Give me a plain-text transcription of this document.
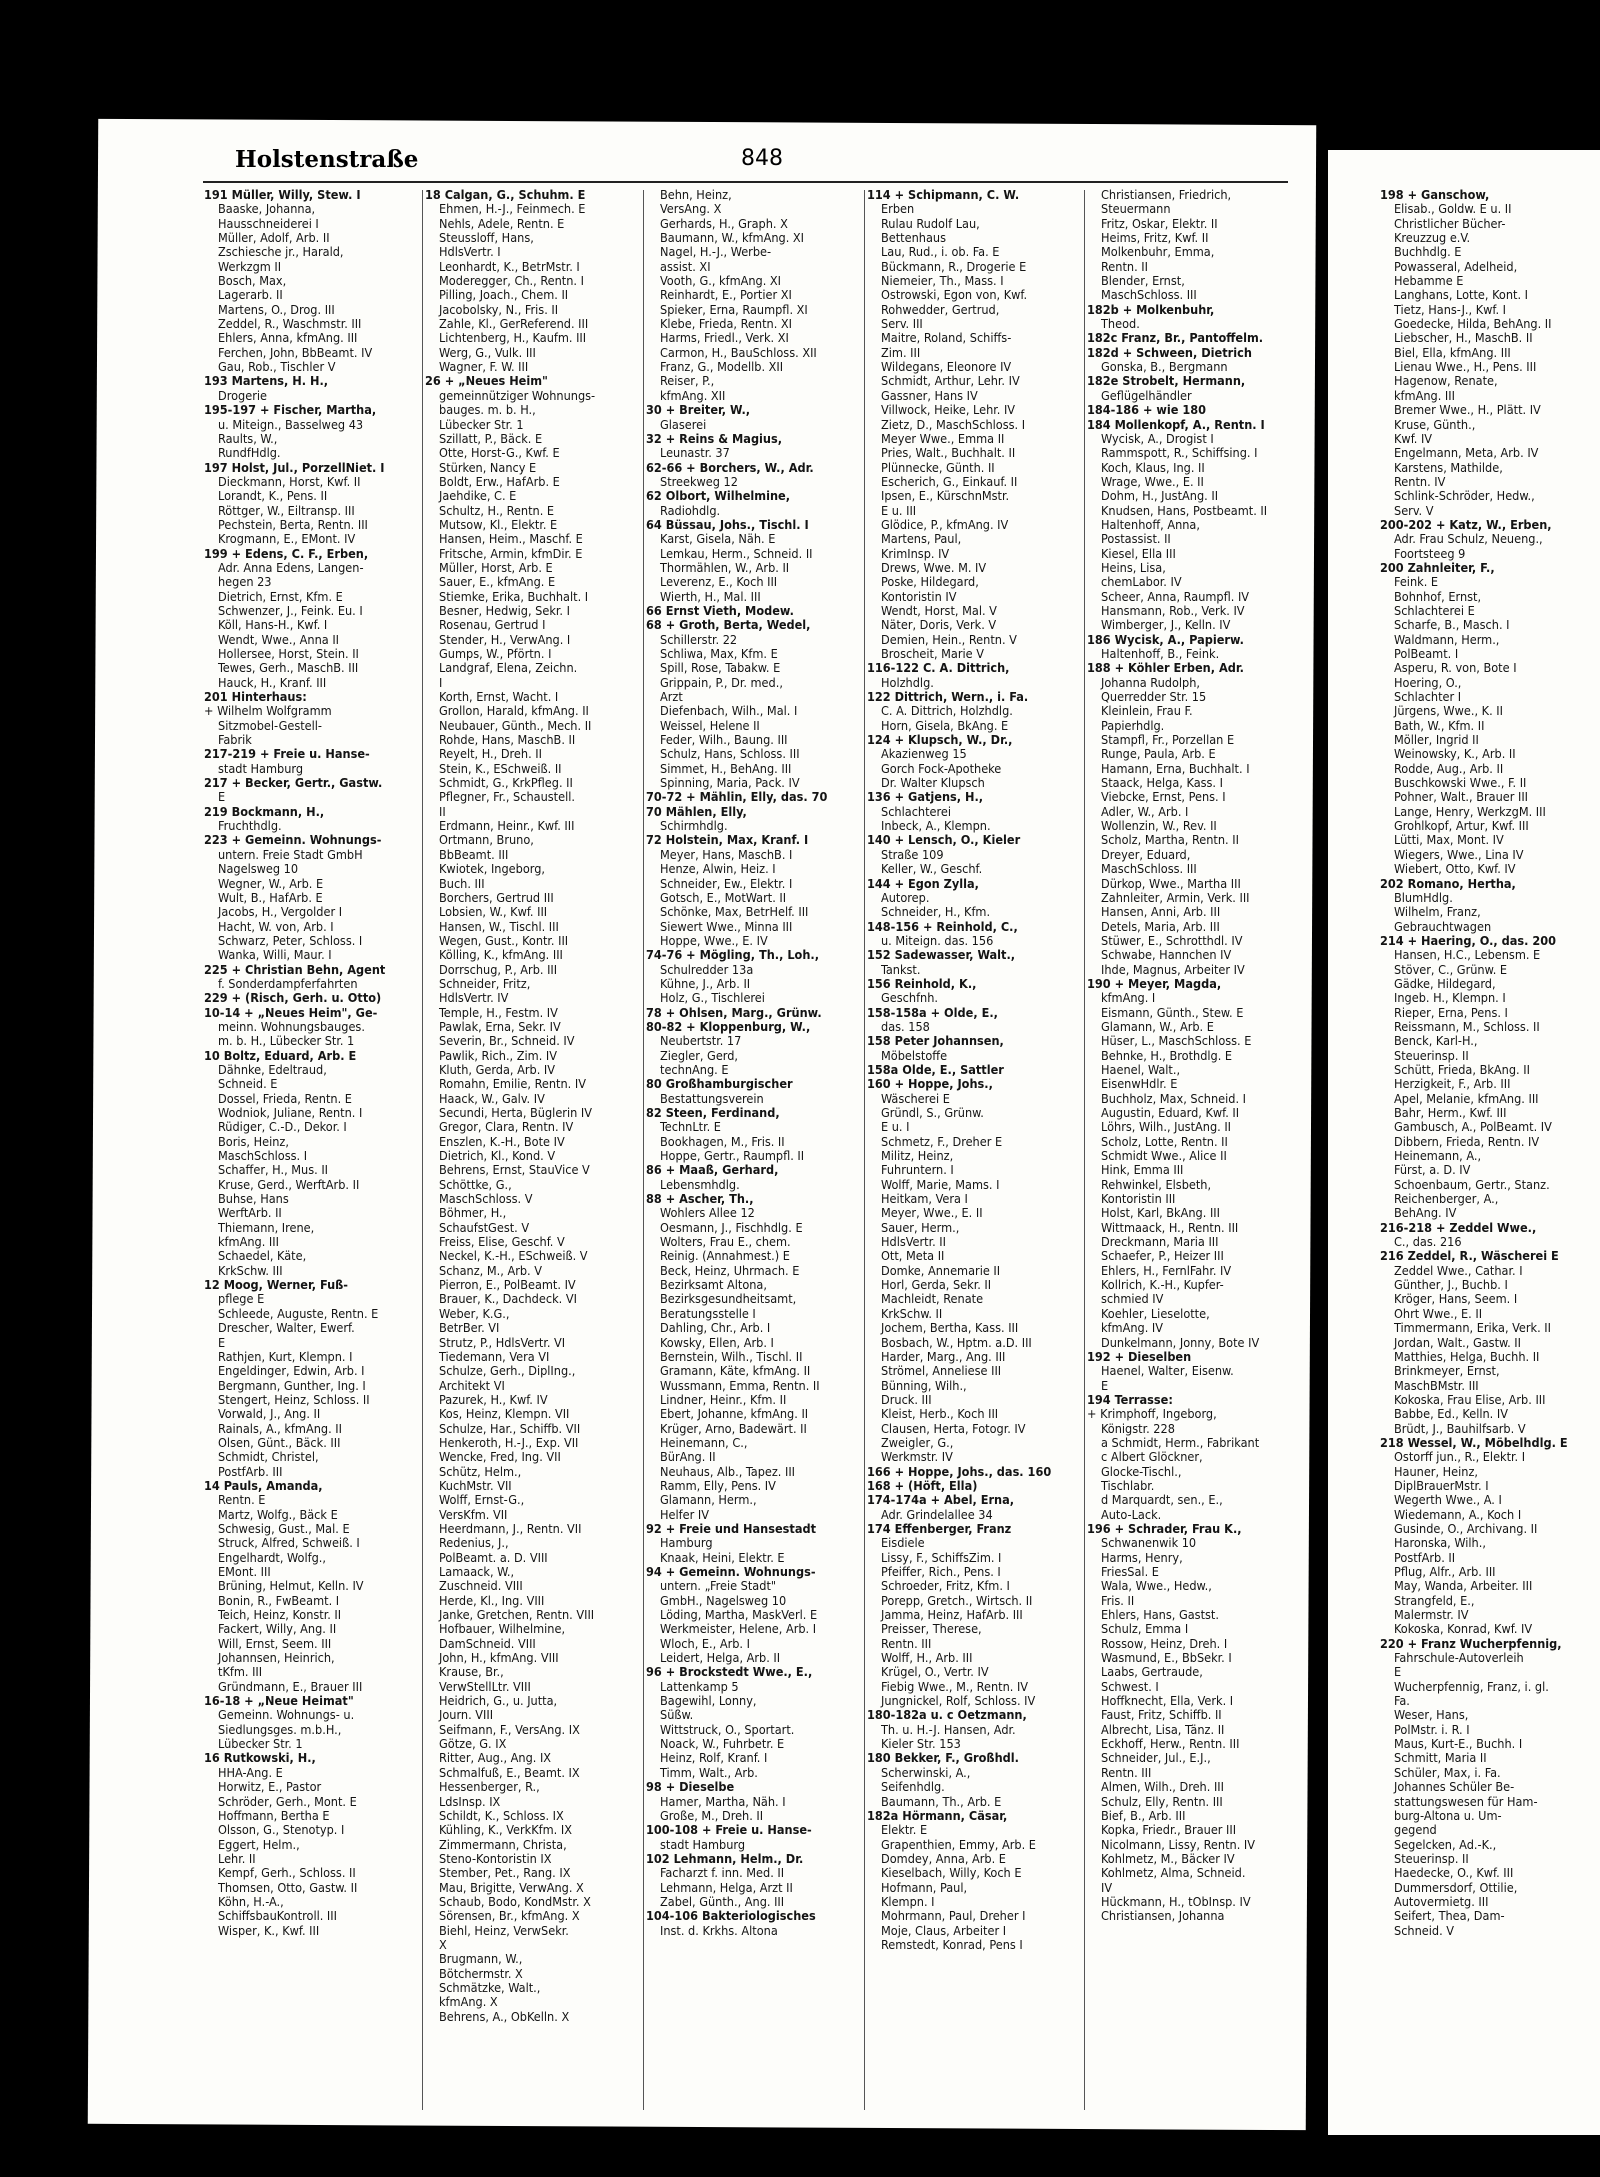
Holstenstraße	848
191 Müller, Willy, Stew. I
Baaske, Johanna,
Hausschneiderei I
Müller, Adolf, Arb. II
Zschiesche jr., Harald,
Werkzgm II
Bosch, Max,
Lagerarb. II
Martens, O., Drog. III
Zeddel, R., Waschmstr. III
Ehlers, Anna, kfmAng. III
Ferchen, John, BbBeamt. IV
Gau, Rob., Tischler V
193 Martens, H. H.,
Drogerie
195-197 + Fischer, Martha,
u. Miteign., Basselweg 43
Raults, W.,
RundfHdlg.
197 Holst, Jul., PorzellNiet. I
Dieckmann, Horst, Kwf. II
Lorandt, K., Pens. II
Röttger, W., Eiltransp. III
Pechstein, Berta, Rentn. III
Krogmann, E., EMont. IV
199 + Edens, C. F., Erben,
Adr. Anna Edens, Langen-
hegen 23
Dietrich, Ernst, Kfm. E
Schwenzer, J., Feink. Eu. I
Köll, Hans-H., Kwf. I
Wendt, Wwe., Anna II
Hollersee, Horst, Stein. II
Tewes, Gerh., MaschB. III
Hauck, H., Kranf. III
201 Hinterhaus:
+ Wilhelm Wolfgramm
Sitzmobel-Gestell-
Fabrik
217-219 + Freie u. Hanse-
stadt Hamburg
217 + Becker, Gertr., Gastw.
E
219 Bockmann, H.,
Fruchthdlg.
223 + Gemeinn. Wohnungs-
untern. Freie Stadt GmbH
Nagelsweg 10
Wegner, W., Arb. E
Wult, B., HafArb. E
Jacobs, H., Vergolder I
Hacht, W. von, Arb. I
Schwarz, Peter, Schloss. I
Wanka, Willi, Maur. I
225 + Christian Behn, Agent
f. Sonderdampferfahrten
229 + (Risch, Gerh. u. Otto)
10-14 + „Neues Heim", Ge-
meinn. Wohnungsbauges.
m. b. H., Lübecker Str. 1
10 Boltz, Eduard, Arb. E
Dähnke, Edeltraud,
Schneid. E
Dossel, Frieda, Rentn. E
Wodniok, Juliane, Rentn. I
Rüdiger, C.-D., Dekor. I
Boris, Heinz,
MaschSchloss. I
Schaffer, H., Mus. II
Kruse, Gerd., WerftArb. II
Buhse, Hans
WerftArb. II
Thiemann, Irene,
kfmAng. III
Schaedel, Käte,
KrkSchw. III
12 Moog, Werner, Fuß-
pflege E
Schleede, Auguste, Rentn. E
Drescher, Walter, Ewerf.
E
Rathjen, Kurt, Klempn. I
Engeldinger, Edwin, Arb. I
Bergmann, Gunther, Ing. I
Stengert, Heinz, Schloss. II
Vorwald, J., Ang. II
Rainals, A., kfmAng. II
Olsen, Günt., Bäck. III
Schmidt, Christel,
PostfArb. III
14 Pauls, Amanda,
Rentn. E
Martz, Wolfg., Bäck E
Schwesig, Gust., Mal. E
Struck, Alfred, Schweiß. I
Engelhardt, Wolfg.,
EMont. III
Brüning, Helmut, Kelln. IV
Bonin, R., FwBeamt. I
Teich, Heinz, Konstr. II
Fackert, Willy, Ang. II
Will, Ernst, Seem. III
Johannsen, Heinrich,
tKfm. III
Gründmann, E., Brauer III
16-18 + „Neue Heimat"
Gemeinn. Wohnungs- u.
Siedlungsges. m.b.H.,
Lübecker Str. 1
16 Rutkowski, H.,
HHA-Ang. E
Horwitz, E., Pastor
Schröder, Gerh., Mont. E
Hoffmann, Bertha E
Olsson, G., Stenotyp. I
Eggert, Helm.,
Lehr. II
Kempf, Gerh., Schloss. II
Thomsen, Otto, Gastw. II
Köhn, H.-A.,
SchiffsbauKontroll. III
Wisper, K., Kwf. III
18 Calgan, G., Schuhm. E
Ehmen, H.-J., Feinmech. E
Nehls, Adele, Rentn. E
Steussloff, Hans,
HdlsVertr. I
Leonhardt, K., BetrMstr. I
Moderegger, Ch., Rentn. I
Pilling, Joach., Chem. II
Jacobolsky, N., Fris. II
Zahle, Kl., GerReferend. III
Lichtenberg, H., Kaufm. III
Werg, G., Vulk. III
Wagner, F. W. III
26 + „Neues Heim"
gemeinnütziger Wohnungs-
bauges. m. b. H.,
Lübecker Str. 1
Szillatt, P., Bäck. E
Otte, Horst-G., Kwf. E
Stürken, Nancy E
Boldt, Erw., HafArb. E
Jaehdike, C. E
Schultz, H., Rentn. E
Mutsow, Kl., Elektr. E
Hansen, Heim., Maschf. E
Fritsche, Armin, kfmDir. E
Müller, Horst, Arb. E
Sauer, E., kfmAng. E
Stiemke, Erika, Buchhalt. I
Besner, Hedwig, Sekr. I
Rosenau, Gertrud I
Stender, H., VerwAng. I
Gumps, W., Pförtn. I
Landgraf, Elena, Zeichn.
I
Korth, Ernst, Wacht. I
Grollon, Harald, kfmAng. II
Neubauer, Günth., Mech. II
Rohde, Hans, MaschB. II
Reyelt, H., Dreh. II
Stein, K., ESchweiß. II
Schmidt, G., KrkPfleg. II
Pflegner, Fr., Schaustell.
II
Erdmann, Heinr., Kwf. III
Ortmann, Bruno,
BbBeamt. III
Kwiotek, Ingeborg,
Buch. III
Borchers, Gertrud III
Lobsien, W., Kwf. III
Hansen, W., Tischl. III
Wegen, Gust., Kontr. III
Kölling, K., kfmAng. III
Dorrschug, P., Arb. III
Schneider, Fritz,
HdlsVertr. IV
Temple, H., Festm. IV
Pawlak, Erna, Sekr. IV
Severin, Br., Schneid. IV
Pawlik, Rich., Zim. IV
Kluth, Gerda, Arb. IV
Romahn, Emilie, Rentn. IV
Haack, W., Galv. IV
Secundi, Herta, Büglerin IV
Gregor, Clara, Rentn. IV
Enszlen, K.-H., Bote IV
Dietrich, Kl., Kond. V
Behrens, Ernst, StauVice V
Schöttke, G.,
MaschSchloss. V
Böhmer, H.,
SchaufstGest. V
Freiss, Elise, Geschf. V
Neckel, K.-H., ESchweiß. V
Schanz, M., Arb. V
Pierron, E., PolBeamt. IV
Brauer, K., Dachdeck. VI
Weber, K.G.,
BetrBer. VI
Strutz, P., HdlsVertr. VI
Tiedemann, Vera VI
Schulze, Gerh., DiplIng.,
Architekt VI
Pazurek, H., Kwf. IV
Kos, Heinz, Klempn. VII
Schulze, Har., Schiffb. VII
Henkeroth, H.-J., Exp. VII
Wencke, Fred, Ing. VII
Schütz, Helm.,
KuchMstr. VII
Wolff, Ernst-G.,
VersKfm. VII
Heerdmann, J., Rentn. VII
Redenius, J.,
PolBeamt. a. D. VIII
Lamaack, W.,
Zuschneid. VIII
Herde, Kl., Ing. VIII
Janke, Gretchen, Rentn. VIII
Hofbauer, Wilhelmine,
DamSchneid. VIII
John, H., kfmAng. VIII
Krause, Br.,
VerwStellLtr. VIII
Heidrich, G., u. Jutta,
Journ. VIII
Seifmann, F., VersAng. IX
Götze, G. IX
Ritter, Aug., Ang. IX
Schmalfuß, E., Beamt. IX
Hessenberger, R.,
LdsInsp. IX
Schildt, K., Schloss. IX
Kühling, K., VerkKfm. IX
Zimmermann, Christa,
Steno-Kontoristin IX
Stember, Pet., Rang. IX
Mau, Brigitte, VerwAng. X
Schaub, Bodo, KondMstr. X
Sörensen, Br., kfmAng. X
Biehl, Heinz, VerwSekr.
X
Brugmann, W.,
Bötchermstr. X
Schmätzke, Walt.,
kfmAng. X
Behrens, A., ObKelln. X
Behn, Heinz,
VersAng. X
Gerhards, H., Graph. X
Baumann, W., kfmAng. XI
Nagel, H.-J., Werbe-
assist. XI
Vooth, G., kfmAng. XI
Reinhardt, E., Portier XI
Spieker, Erna, Raumpfl. XI
Klebe, Frieda, Rentn. XI
Harms, Friedl., Verk. XI
Carmon, H., BauSchloss. XII
Franz, G., Modellb. XII
Reiser, P.,
kfmAng. XII
30 + Breiter, W.,
Glaserei
32 + Reins & Magius,
Leunastr. 37
62-66 + Borchers, W., Adr.
Streekweg 12
62 Olbort, Wilhelmine,
Radiohdlg.
64 Büssau, Johs., Tischl. I
Karst, Gisela, Näh. E
Lemkau, Herm., Schneid. II
Thormählen, W., Arb. II
Leverenz, E., Koch III
Wierth, H., Mal. III
66 Ernst Vieth, Modew.
68 + Groth, Berta, Wedel,
Schillerstr. 22
Schliwa, Max, Kfm. E
Spill, Rose, Tabakw. E
Grippain, P., Dr. med.,
Arzt
Diefenbach, Wilh., Mal. I
Weissel, Helene II
Feder, Wilh., Baung. III
Schulz, Hans, Schloss. III
Simmet, H., BehAng. III
Spinning, Maria, Pack. IV
70-72 + Mählin, Elly, das. 70
70 Mählen, Elly,
Schirmhdlg.
72 Holstein, Max, Kranf. I
Meyer, Hans, MaschB. I
Henze, Alwin, Heiz. I
Schneider, Ew., Elektr. I
Gotsch, E., MotWart. II
Schönke, Max, BetrHelf. III
Siewert Wwe., Minna III
Hoppe, Wwe., E. IV
74-76 + Mögling, Th., Loh.,
Schulredder 13a
Kühne, J., Arb. II
Holz, G., Tischlerei
78 + Ohlsen, Marg., Grünw.
80-82 + Kloppenburg, W.,
Neubertstr. 17
Ziegler, Gerd,
technAng. E
80 Großhamburgischer
Bestattungsverein
82 Steen, Ferdinand,
TechnLtr. E
Bookhagen, M., Fris. II
Hoppe, Gertr., Raumpfl. II
86 + Maaß, Gerhard,
Lebensmhdlg.
88 + Ascher, Th.,
Wohlers Allee 12
Oesmann, J., Fischhdlg. E
Wolters, Frau E., chem.
Reinig. (Annahmest.) E
Beck, Heinz, Uhrmach. E
Bezirksamt Altona,
Bezirksgesundheitsamt,
Beratungsstelle I
Dahling, Chr., Arb. I
Kowsky, Ellen, Arb. I
Bernstein, Wilh., Tischl. II
Gramann, Käte, kfmAng. II
Wussmann, Emma, Rentn. II
Lindner, Heinr., Kfm. II
Ebert, Johanne, kfmAng. II
Krüger, Arno, Badewärt. II
Heinemann, C.,
BürAng. II
Neuhaus, Alb., Tapez. III
Ramm, Elly, Pens. IV
Glamann, Herm.,
Helfer IV
92 + Freie und Hansestadt
Hamburg
Knaak, Heini, Elektr. E
94 + Gemeinn. Wohnungs-
untern. „Freie Stadt"
GmbH., Nagelsweg 10
Löding, Martha, MaskVerl. E
Werkmeister, Helene, Arb. I
Wloch, E., Arb. I
Leidert, Helga, Arb. II
96 + Brockstedt Wwe., E.,
Lattenkamp 5
Bagewihl, Lonny,
Süßw.
Wittstruck, O., Sportart.
Noack, W., Fuhrbetr. E
Heinz, Rolf, Kranf. I
Timm, Walt., Arb.
98 + Dieselbe
Hamer, Martha, Näh. I
Große, M., Dreh. II
100-108 + Freie u. Hanse-
stadt Hamburg
102 Lehmann, Helm., Dr.
Facharzt f. inn. Med. II
Lehmann, Helga, Arzt II
Zabel, Günth., Ang. III
104-106 Bakteriologisches
Inst. d. Krkhs. Altona
114 + Schipmann, C. W.
Erben
Rulau Rudolf Lau,
Bettenhaus
Lau, Rud., i. ob. Fa. E
Bückmann, R., Drogerie E
Niemeier, Th., Mass. I
Ostrowski, Egon von, Kwf.
Rohwedder, Gertrud,
Serv. III
Maitre, Roland, Schiffs-
Zim. III
Wildegans, Eleonore IV
Schmidt, Arthur, Lehr. IV
Gassner, Hans IV
Villwock, Heike, Lehr. IV
Zietz, D., MaschSchloss. I
Meyer Wwe., Emma II
Pries, Walt., Buchhalt. II
Plünnecke, Günth. II
Escherich, G., Einkauf. II
Ipsen, E., KürschnMstr.
E u. III
Glödice, P., kfmAng. IV
Martens, Paul,
KrimInsp. IV
Drews, Wwe. M. IV
Poske, Hildegard,
Kontoristin IV
Wendt, Horst, Mal. V
Näter, Doris, Verk. V
Demien, Hein., Rentn. V
Broscheit, Marie V
116-122 C. A. Dittrich,
Holzhdlg.
122 Dittrich, Wern., i. Fa.
C. A. Dittrich, Holzhdlg.
Horn, Gisela, BkAng. E
124 + Klupsch, W., Dr.,
Akazienweg 15
Gorch Fock-Apotheke
Dr. Walter Klupsch
136 + Gatjens, H.,
Schlachterei
Inbeck, A., Klempn.
140 + Lensch, O., Kieler
Straße 109
Keller, W., Geschf.
144 + Egon Zylla,
Autorep.
Schneider, H., Kfm.
148-156 + Reinhold, C.,
u. Miteign. das. 156
152 Sadewasser, Walt.,
Tankst.
156 Reinhold, K.,
Geschfnh.
158-158a + Olde, E.,
das. 158
158 Peter Johannsen,
Möbelstoffe
158a Olde, E., Sattler
160 + Hoppe, Johs.,
Wäscherei E
Gründl, S., Grünw.
E u. I
Schmetz, F., Dreher E
Militz, Heinz,
Fuhruntern. I
Wolff, Marie, Mams. I
Heitkam, Vera I
Meyer, Wwe., E. II
Sauer, Herm.,
HdlsVertr. II
Ott, Meta II
Domke, Annemarie II
Horl, Gerda, Sekr. II
Machleidt, Renate
KrkSchw. II
Jochem, Bertha, Kass. III
Bosbach, W., Hptm. a.D. III
Harder, Marg., Ang. III
Strömel, Anneliese III
Bünning, Wilh.,
Druck. III
Kleist, Herb., Koch III
Clausen, Herta, Fotogr. IV
Zweigler, G.,
Werkmstr. IV
166 + Hoppe, Johs., das. 160
168 + (Höft, Ella)
174-174a + Abel, Erna,
Adr. Grindelallee 34
174 Effenberger, Franz
Eisdiele
Lissy, F., SchiffsZim. I
Pfeiffer, Rich., Pens. I
Schroeder, Fritz, Kfm. I
Porepp, Gretch., Wirtsch. II
Jamma, Heinz, HafArb. III
Preisser, Therese,
Rentn. III
Wolff, H., Arb. III
Krügel, O., Vertr. IV
Fiebig Wwe., M., Rentn. IV
Jungnickel, Rolf, Schloss. IV
180-182a u. c Oetzmann,
Th. u. H.-J. Hansen, Adr.
Kieler Str. 153
180 Bekker, F., Großhdl.
Scherwinski, A.,
Seifenhdlg.
Baumann, Th., Arb. E
182a Hörmann, Cäsar,
Elektr. E
Grapenthien, Emmy, Arb. E
Domdey, Anna, Arb. E
Kieselbach, Willy, Koch E
Hofmann, Paul,
Klempn. I
Mohrmann, Paul, Dreher I
Moje, Claus, Arbeiter I
Remstedt, Konrad, Pens I
Christiansen, Friedrich,
Steuermann
Fritz, Oskar, Elektr. II
Heims, Fritz, Kwf. II
Molkenbuhr, Emma,
Rentn. II
Blender, Ernst,
MaschSchloss. III
182b + Molkenbuhr,
Theod.
182c Franz, Br., Pantoffelm.
182d + Schween, Dietrich
Gonska, B., Bergmann
182e Strobelt, Hermann,
Geflügelhändler
184-186 + wie 180
184 Mollenkopf, A., Rentn. I
Wycisk, A., Drogist I
Rammspott, R., Schiffsing. I
Koch, Klaus, Ing. II
Wrage, Wwe., E. II
Dohm, H., JustAng. II
Knudsen, Hans, Postbeamt. II
Haltenhoff, Anna,
Postassist. II
Kiesel, Ella III
Heins, Lisa,
chemLabor. IV
Scheer, Anna, Raumpfl. IV
Hansmann, Rob., Verk. IV
Wimberger, J., Kelln. IV
186 Wycisk, A., Papierw.
Haltenhoff, B., Feink.
188 + Köhler Erben, Adr.
Johanna Rudolph,
Querredder Str. 15
Kleinlein, Frau F.
Papierhdlg.
Stampfl, Fr., Porzellan E
Runge, Paula, Arb. E
Hamann, Erna, Buchhalt. I
Staack, Helga, Kass. I
Viebcke, Ernst, Pens. I
Adler, W., Arb. I
Wollenzin, W., Rev. II
Scholz, Martha, Rentn. II
Dreyer, Eduard,
MaschSchloss. III
Dürkop, Wwe., Martha III
Zahnleiter, Armin, Verk. III
Hansen, Anni, Arb. III
Detels, Maria, Arb. III
Stüwer, E., Schrotthdl. IV
Schwabe, Hannchen IV
Ihde, Magnus, Arbeiter IV
190 + Meyer, Magda,
kfmAng. I
Eismann, Günth., Stew. E
Glamann, W., Arb. E
Hüser, L., MaschSchloss. E
Behnke, H., Brothdlg. E
Haenel, Walt.,
EisenwHdlr. E
Buchholz, Max, Schneid. I
Augustin, Eduard, Kwf. II
Löhrs, Wilh., JustAng. II
Scholz, Lotte, Rentn. II
Schmidt Wwe., Alice II
Hink, Emma III
Rehwinkel, Elsbeth,
Kontoristin III
Holst, Karl, BkAng. III
Wittmaack, H., Rentn. III
Dreckmann, Maria III
Schaefer, P., Heizer III
Ehlers, H., FernlFahr. IV
Kollrich, K.-H., Kupfer-
schmied IV
Koehler, Lieselotte,
kfmAng. IV
Dunkelmann, Jonny, Bote IV
192 + Dieselben
Haenel, Walter, Eisenw.
E
194 Terrasse:
+ Krimphoff, Ingeborg,
Königstr. 228
a Schmidt, Herm., Fabrikant
c Albert Glöckner,
Glocke-Tischl.,
Tischlabr.
d Marquardt, sen., E.,
Auto-Lack.
196 + Schrader, Frau K.,
Schwanenwik 10
Harms, Henry,
FriesSal. E
Wala, Wwe., Hedw.,
Fris. II
Ehlers, Hans, Gastst.
Schulz, Emma I
Rossow, Heinz, Dreh. I
Wasmund, E., BbSekr. I
Laabs, Gertraude,
Schwest. I
Hoffknecht, Ella, Verk. I
Faust, Fritz, Schiffb. II
Albrecht, Lisa, Tänz. II
Eckhoff, Herw., Rentn. III
Schneider, Jul., E.J.,
Rentn. III
Almen, Wilh., Dreh. III
Schulz, Elly, Rentn. III
Bief, B., Arb. III
Kopka, Friedr., Brauer III
Nicolmann, Lissy, Rentn. IV
Kohlmetz, M., Bäcker IV
Kohlmetz, Alma, Schneid.
IV
Hückmann, H., tObInsp. IV
Christiansen, Johanna
198 + Ganschow,
Elisab., Goldw. E u. II
Christlicher Bücher-
Kreuzzug e.V.
Buchhdlg. E
Powasseral, Adelheid,
Hebamme E
Langhans, Lotte, Kont. I
Tietz, Hans-J., Kwf. I
Goedecke, Hilda, BehAng. II
Liebscher, H., MaschB. II
Biel, Ella, kfmAng. III
Lienau Wwe., H., Pens. III
Hagenow, Renate,
kfmAng. III
Bremer Wwe., H., Plätt. IV
Kruse, Günth.,
Kwf. IV
Engelmann, Meta, Arb. IV
Karstens, Mathilde,
Rentn. IV
Schlink-Schröder, Hedw.,
Serv. V
200-202 + Katz, W., Erben,
Adr. Frau Schulz, Neueng.,
Foortsteeg 9
200 Zahnleiter, F.,
Feink. E
Bohnhof, Ernst,
Schlachterei E
Scharfe, B., Masch. I
Waldmann, Herm.,
PolBeamt. I
Asperu, R. von, Bote I
Hoering, O.,
Schlachter I
Jürgens, Wwe., K. II
Bath, W., Kfm. II
Möller, Ingrid II
Weinowsky, K., Arb. II
Rodde, Aug., Arb. II
Buschkowski Wwe., F. II
Pohner, Walt., Brauer III
Lange, Henry, WerkzgM. III
Grohlkopf, Artur, Kwf. III
Lütti, Max, Mont. IV
Wiegers, Wwe., Lina IV
Wiebert, Otto, Kwf. IV
202 Romano, Hertha,
BlumHdlg.
Wilhelm, Franz,
Gebrauchtwagen
214 + Haering, O., das. 200
Hansen, H.C., Lebensm. E
Stöver, C., Grünw. E
Gädke, Hildegard,
Ingeb. H., Klempn. I
Rieper, Erna, Pens. I
Reissmann, M., Schloss. II
Benck, Karl-H.,
Steuerinsp. II
Schütt, Frieda, BkAng. II
Herzigkeit, F., Arb. III
Apel, Melanie, kfmAng. III
Bahr, Herm., Kwf. III
Gambusch, A., PolBeamt. IV
Dibbern, Frieda, Rentn. IV
Heinemann, A.,
Fürst, a. D. IV
Schoenbaum, Gertr., Stanz.
Reichenberger, A.,
BehAng. IV
216-218 + Zeddel Wwe.,
C., das. 216
216 Zeddel, R., Wäscherei E
Zeddel Wwe., Cathar. I
Günther, J., Buchb. I
Kröger, Hans, Seem. I
Ohrt Wwe., E. II
Timmermann, Erika, Verk. II
Jordan, Walt., Gastw. II
Matthies, Helga, Buchh. II
Brinkmeyer, Ernst,
MaschBMstr. III
Kokoska, Frau Elise, Arb. III
Babbe, Ed., Kelln. IV
Brüdt, J., Bauhilfsarb. V
218 Wessel, W., Möbelhdlg. E
Ostorff jun., R., Elektr. I
Hauner, Heinz,
DiplBrauerMstr. I
Wegerth Wwe., A. I
Wiedemann, A., Koch I
Gusinde, O., Archivang. II
Haronska, Wilh.,
PostfArb. II
Pflug, Alfr., Arb. III
May, Wanda, Arbeiter. III
Strangfeld, E.,
Malermstr. IV
Kokoska, Konrad, Kwf. IV
220 + Franz Wucherpfennig,
Fahrschule-Autoverleih
E
Wucherpfennig, Franz, i. gl.
Fa.
Weser, Hans,
PolMstr. i. R. I
Maus, Kurt-E., Buchh. I
Schmitt, Maria II
Schüler, Max, i. Fa.
Johannes Schüler Be-
stattungswesen für Ham-
burg-Altona u. Um-
gegend
Segelcken, Ad.-K.,
Steuerinsp. II
Haedecke, O., Kwf. III
Dummersdorf, Ottilie,
Autovermietg. III
Seifert, Thea, Dam-
Schneid. V
